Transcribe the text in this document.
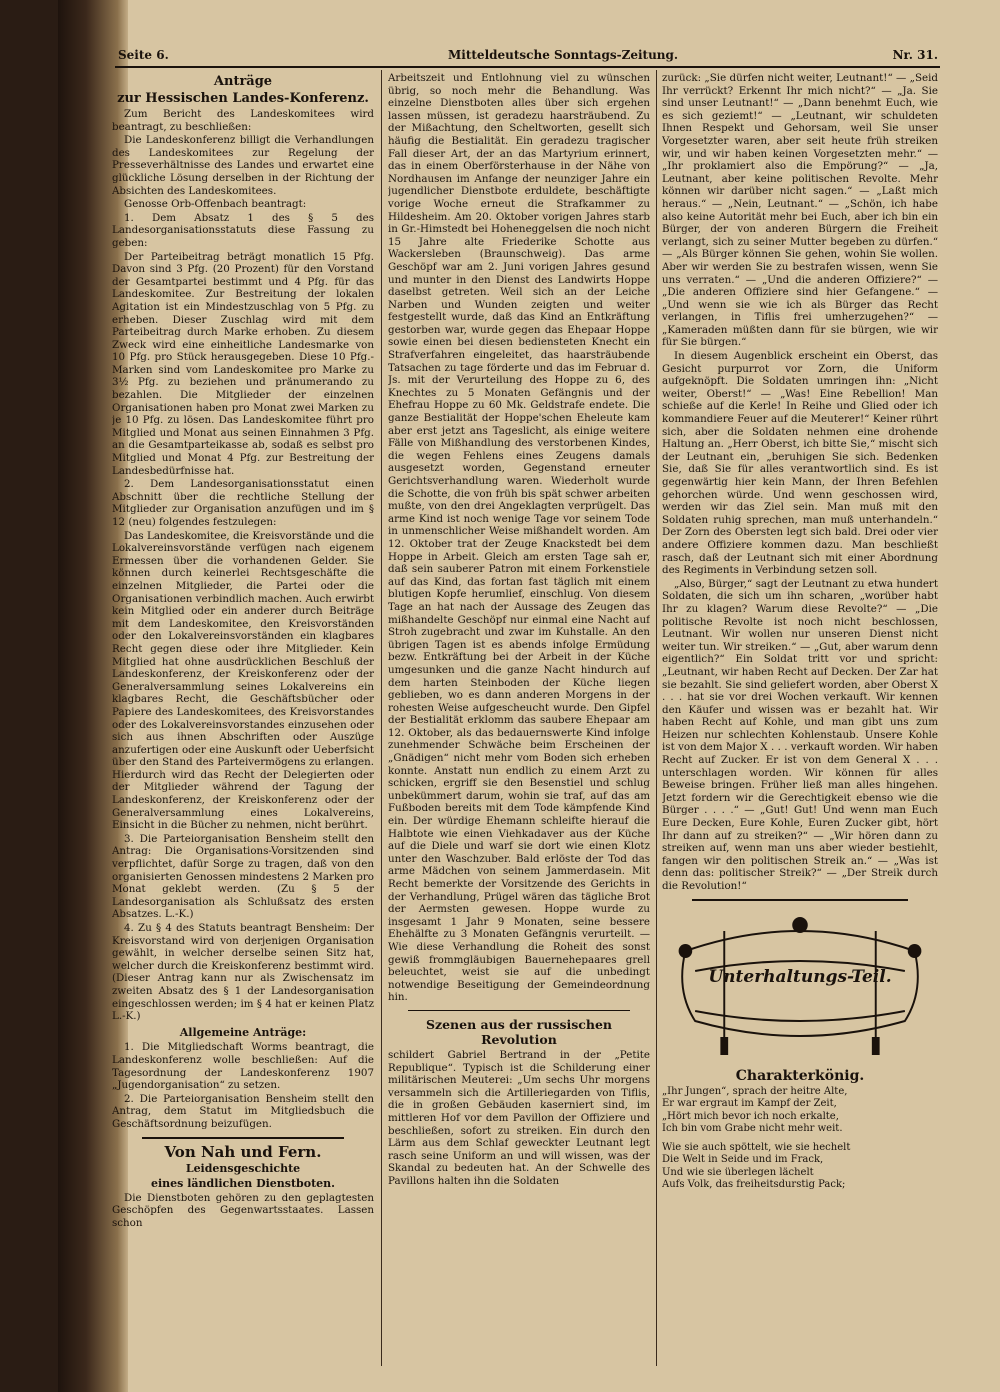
Seite 6.	Mitteldeutsche Sonntags-Zeitung.	Nr. 31.
Anträge
zur Hessischen Landes-Konferenz.

Zum Bericht des Landeskomitees wird beantragt, zu beschließen:

Die Landeskonferenz billigt die Verhandlungen des Landeskomitees zur Regelung der Presseverhältnisse des Landes und erwartet eine glückliche Lösung derselben in der Richtung der Absichten des Landeskomitees.

Genosse Orb-Offenbach beantragt:

1. Dem Absatz 1 des § 5 des Landesorganisationsstatuts diese Fassung zu geben:

Der Parteibeitrag beträgt monatlich 15 Pfg. Davon sind 3 Pfg. (20 Prozent) für den Vorstand der Gesamtpartei bestimmt und 4 Pfg. für das Landeskomitee. Zur Bestreitung der lokalen Agitation ist ein Mindestzuschlag von 5 Pfg. zu erheben. Dieser Zuschlag wird mit dem Parteibeitrag durch Marke erhoben. Zu diesem Zweck wird eine einheitliche Landesmarke von 10 Pfg. pro Stück herausgegeben. Diese 10 Pfg.-Marken sind vom Landeskomitee pro Marke zu 3½ Pfg. zu beziehen und pränumerando zu bezahlen. Die Mitglieder der einzelnen Organisationen haben pro Monat zwei Marken zu je 10 Pfg. zu lösen. Das Landeskomitee führt pro Mitglied und Monat aus seinen Einnahmen 3 Pfg. an die Gesamtparteikasse ab, sodaß es selbst pro Mitglied und Monat 4 Pfg. zur Bestreitung der Landesbedürfnisse hat.

2. Dem Landesorganisationsstatut einen Abschnitt über die rechtliche Stellung der Mitglieder zur Organisation anzufügen und im § 12 (neu) folgendes festzulegen:

Das Landeskomitee, die Kreisvorstände und die Lokalvereinsvorstände verfügen nach eigenem Ermessen über die vorhandenen Gelder. Sie können durch keinerlei Rechtsgeschäfte die einzelnen Mitglieder, die Partei oder die Organisationen verbindlich machen. Auch erwirbt kein Mitglied oder ein anderer durch Beiträge mit dem Landeskomitee, den Kreisvorständen oder den Lokalvereinsvorständen ein klagbares Recht gegen diese oder ihre Mitglieder. Kein Mitglied hat ohne ausdrücklichen Beschluß der Landeskonferenz, der Kreiskonferenz oder der Generalversammlung seines Lokalvereins ein klagbares Recht, die Geschäftsbücher oder Papiere des Landeskomitees, des Kreisvorstandes oder des Lokalvereinsvorstandes einzusehen oder sich aus ihnen Abschriften oder Auszüge anzufertigen oder eine Auskunft oder Ueberfsicht über den Stand des Parteivermögens zu erlangen. Hierdurch wird das Recht der Delegierten oder der Mitglieder während der Tagung der Landeskonferenz, der Kreiskonferenz oder der Generalversammlung eines Lokalvereins, Einsicht in die Bücher zu nehmen, nicht berührt.

3. Die Parteiorganisation Bensheim stellt den Antrag: Die Organisations-Vorsitzenden sind verpflichtet, dafür Sorge zu tragen, daß von den organisierten Genossen mindestens 2 Marken pro Monat geklebt werden. (Zu § 5 der Landesorganisation als Schlußsatz des ersten Absatzes. L.-K.)

4. Zu § 4 des Statuts beantragt Bensheim: Der Kreisvorstand wird von derjenigen Organisation gewählt, in welcher derselbe seinen Sitz hat, welcher durch die Kreiskonferenz bestimmt wird. (Dieser Antrag kann nur als Zwischensatz im zweiten Absatz des § 1 der Landesorganisation eingeschlossen werden; im § 4 hat er keinen Platz L.-K.)

Allgemeine Anträge:

1. Die Mitgliedschaft Worms beantragt, die Landeskonferenz wolle beschließen: Auf die Tagesordnung der Landeskonferenz 1907 „Jugendorganisation“ zu setzen.

2. Die Parteiorganisation Bensheim stellt den Antrag, dem Statut im Mitgliedsbuch die Geschäftsordnung beizufügen.

Von Nah und Fern.
Leidensgeschichte
eines ländlichen Dienstboten.

Die Dienstboten gehören zu den geplagtesten Geschöpfen des Gegenwartsstaates. Lassen schon

Arbeitszeit und Entlohnung viel zu wünschen übrig, so noch mehr die Behandlung. Was einzelne Dienstboten alles über sich ergehen lassen müssen, ist geradezu haarsträubend. Zu der Mißachtung, den Scheltworten, gesellt sich häufig die Bestialität. Ein geradezu tragischer Fall dieser Art, der an das Martyrium erinnert, das in einem Oberförsterhause in der Nähe von Nordhausen im Anfange der neunziger Jahre ein jugendlicher Dienstbote erduldete, beschäftigte vorige Woche erneut die Strafkammer zu Hildesheim. Am 20. Oktober vorigen Jahres starb in Gr.-Himstedt bei Hoheneggelsen die noch nicht 15 Jahre alte Friederike Schotte aus Wackersleben (Braunschweig). Das arme Geschöpf war am 2. Juni vorigen Jahres gesund und munter in den Dienst des Landwirts Hoppe daselbst getreten. Weil sich an der Leiche Narben und Wunden zeigten und weiter festgestellt wurde, daß das Kind an Entkräftung gestorben war, wurde gegen das Ehepaar Hoppe sowie einen bei diesen bediensteten Knecht ein Strafverfahren eingeleitet, das haarsträubende Tatsachen zu tage förderte und das im Februar d. Js. mit der Verurteilung des Hoppe zu 6, des Knechtes zu 5 Monaten Gefängnis und der Ehefrau Hoppe zu 60 Mk. Geldstrafe endete. Die ganze Bestialität der Hoppe'schen Eheleute kam aber erst jetzt ans Tageslicht, als einige weitere Fälle von Mißhandlung des verstorbenen Kindes, die wegen Fehlens eines Zeugens damals ausgesetzt worden, Gegenstand erneuter Gerichtsverhandlung waren. Wiederholt wurde die Schotte, die von früh bis spät schwer arbeiten mußte, von den drei Angeklagten verprügelt. Das arme Kind ist noch wenige Tage vor seinem Tode in unmenschlicher Weise mißhandelt worden. Am 12. Oktober trat der Zeuge Knackstedt bei dem Hoppe in Arbeit. Gleich am ersten Tage sah er, daß sein sauberer Patron mit einem Forkenstiele auf das Kind, das fortan fast täglich mit einem blutigen Kopfe herumlief, einschlug. Von diesem Tage an hat nach der Aussage des Zeugen das mißhandelte Geschöpf nur einmal eine Nacht auf Stroh zugebracht und zwar im Kuhstalle. An den übrigen Tagen ist es abends infolge Ermüdung bezw. Entkräftung bei der Arbeit in der Küche umgesunken und die ganze Nacht hindurch auf dem harten Steinboden der Küche liegen geblieben, wo es dann anderen Morgens in der rohesten Weise aufgescheucht wurde. Den Gipfel der Bestialität erklomm das saubere Ehepaar am 12. Oktober, als das bedauernswerte Kind infolge zunehmender Schwäche beim Erscheinen der „Gnädigen“ nicht mehr vom Boden sich erheben konnte. Anstatt nun endlich zu einem Arzt zu schicken, ergriff sie den Besenstiel und schlug unbekümmert darum, wohin sie traf, auf das am Fußboden bereits mit dem Tode kämpfende Kind ein. Der würdige Ehemann schleifte hierauf die Halbtote wie einen Viehkadaver aus der Küche auf die Diele und warf sie dort wie einen Klotz unter den Waschzuber. Bald erlöste der Tod das arme Mädchen von seinem Jammerdasein. Mit Recht bemerkte der Vorsitzende des Gerichts in der Verhandlung, Prügel wären das tägliche Brot der Aermsten gewesen. Hoppe wurde zu insgesamt 1 Jahr 9 Monaten, seine bessere Ehehälfte zu 3 Monaten Gefängnis verurteilt. — Wie diese Verhandlung die Roheit des sonst gewiß frommgläubigen Bauernehepaares grell beleuchtet, weist sie auf die unbedingt notwendige Beseitigung der Gemeindeordnung hin.

Szenen aus der russischen Revolution

schildert Gabriel Bertrand in der „Petite Republique“. Typisch ist die Schilderung einer militärischen Meuterei: „Um sechs Uhr morgens versammeln sich die Artilleriegarden von Tiflis, die in großen Gebäuden kaserniert sind, im mittleren Hof vor dem Pavillon der Offiziere und beschließen, sofort zu streiken. Ein durch den Lärm aus dem Schlaf geweckter Leutnant legt rasch seine Uniform an und will wissen, was der Skandal zu bedeuten hat. An der Schwelle des Pavillons halten ihn die Soldaten

zurück: „Sie dürfen nicht weiter, Leutnant!“ — „Seid Ihr verrückt? Erkennt Ihr mich nicht?“ — „Ja. Sie sind unser Leutnant!“ — „Dann benehmt Euch, wie es sich geziemt!“ — „Leutnant, wir schuldeten Ihnen Respekt und Gehorsam, weil Sie unser Vorgesetzter waren, aber seit heute früh streiken wir, und wir haben keinen Vorgesetzten mehr.“ — „Ihr proklamiert also die Empörung?“ — „Ja, Leutnant, aber keine politischen Revolte. Mehr können wir darüber nicht sagen.“ — „Laßt mich heraus.“ — „Nein, Leutnant.“ — „Schön, ich habe also keine Autorität mehr bei Euch, aber ich bin ein Bürger, der von anderen Bürgern die Freiheit verlangt, sich zu seiner Mutter begeben zu dürfen.“ — „Als Bürger können Sie gehen, wohin Sie wollen. Aber wir werden Sie zu bestrafen wissen, wenn Sie uns verraten.“ — „Und die anderen Offiziere?“ — „Die anderen Offiziere sind hier Gefangene.“ — „Und wenn sie wie ich als Bürger das Recht verlangen, in Tiflis frei umherzugehen?“ — „Kameraden müßten dann für sie bürgen, wie wir für Sie bürgen.“

In diesem Augenblick erscheint ein Oberst, das Gesicht purpurrot vor Zorn, die Uniform aufgeknöpft. Die Soldaten umringen ihn: „Nicht weiter, Oberst!“ — „Was! Eine Rebellion! Man schieße auf die Kerle! In Reihe und Glied oder ich kommandiere Feuer auf die Meuterer!“ Keiner rührt sich, aber die Soldaten nehmen eine drohende Haltung an. „Herr Oberst, ich bitte Sie,“ mischt sich der Leutnant ein, „beruhigen Sie sich. Bedenken Sie, daß Sie für alles verantwortlich sind. Es ist gegenwärtig hier kein Mann, der Ihren Befehlen gehorchen würde. Und wenn geschossen wird, werden wir das Ziel sein. Man muß mit den Soldaten ruhig sprechen, man muß unterhandeln.“ Der Zorn des Obersten legt sich bald. Drei oder vier andere Offiziere kommen dazu. Man beschließt rasch, daß der Leutnant sich mit einer Abordnung des Regiments in Verbindung setzen soll.

„Also, Bürger,“ sagt der Leutnant zu etwa hundert Soldaten, die sich um ihn scharen, „worüber habt Ihr zu klagen? Warum diese Revolte?“ — „Die politische Revolte ist noch nicht beschlossen, Leutnant. Wir wollen nur unseren Dienst nicht weiter tun. Wir streiken.“ — „Gut, aber warum denn eigentlich?“ Ein Soldat tritt vor und spricht: „Leutnant, wir haben Recht auf Decken. Der Zar hat sie bezahlt. Sie sind geliefert worden, aber Oberst X . . . hat sie vor drei Wochen verkauft. Wir kennen den Käufer und wissen was er bezahlt hat. Wir haben Recht auf Kohle, und man gibt uns zum Heizen nur schlechten Kohlenstaub. Unsere Kohle ist von dem Major X . . . verkauft worden. Wir haben Recht auf Zucker. Er ist von dem General X . . . unterschlagen worden. Wir können für alles Beweise bringen. Früher ließ man alles hingehen. Jetzt fordern wir die Gerechtigkeit ebenso wie die Bürger . . . .“ — „Gut! Gut! Und wenn man Euch Eure Decken, Eure Kohle, Euren Zucker gibt, hört Ihr dann auf zu streiken?“ — „Wir hören dann zu streiken auf, wenn man uns aber wieder bestiehlt, fangen wir den politischen Streik an.“ — „Was ist denn das: politischer Streik?“ — „Der Streik durch die Revolution!“

Unterhaltungs-Teil.
Charakterkönig.
„Ihr Jungen“, sprach der heitre Alte,
Er war ergraut im Kampf der Zeit,
„Hört mich bevor ich noch erkalte,
Ich bin vom Grabe nicht mehr weit.
Wie sie auch spöttelt, wie sie hechelt
Die Welt in Seide und im Frack,
Und wie sie überlegen lächelt
Aufs Volk, das freiheitsdurstig Pack;
